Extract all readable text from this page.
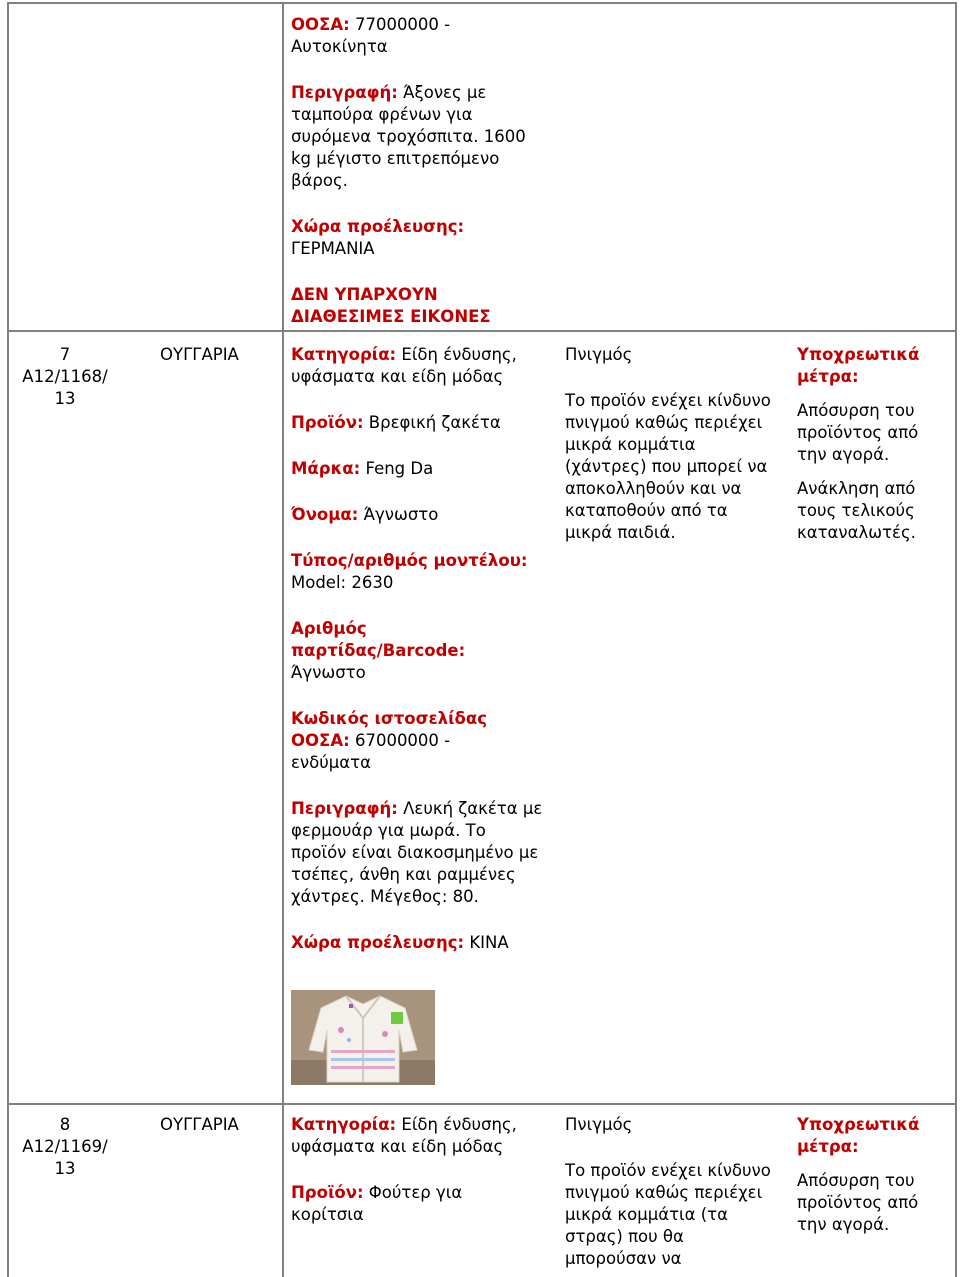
ΟΟΣΑ: 77000000 - Αυτοκίνητα

Περιγραφή: Άξονες με ταμπούρα φρένων για συρόμενα τροχόσπιτα. 1600 kg μέγιστο επιτρεπόμενο βάρος.

Χώρα προέλευσης: ΓΕΡΜΑΝΙΑ

ΔΕΝ ΥΠΑΡΧΟΥΝ ΔΙΑΘΕΣΙΜΕΣ ΕΙΚΟΝΕΣ

7
A12/1168/
13
ΟΥΓΓΑΡΙΑ	Κατηγορία: Είδη ένδυσης, υφάσματα και είδη μόδας

Προϊόν: Βρεφική ζακέτα

Μάρκα: Feng Da

Όνομα: Άγνωστο

Τύπος/αριθμός μοντέλου: Model: 2630

Αριθμός παρτίδας/Barcode: Άγνωστο

Κωδικός ιστοσελίδας ΟΟΣΑ: 67000000 - ενδύματα

Περιγραφή: Λευκή ζακέτα με φερμουάρ για μωρά. Το προϊόν είναι διακοσμημένο με τσέπες, άνθη και ραμμένες χάντρες. Μέγεθος: 80.

Χώρα προέλευσης: ΚΙΝΑ

Πνιγμός

Το προϊόν ενέχει κίνδυνο πνιγμού καθώς περιέχει μικρά κομμάτια (χάντρες) που μπορεί να αποκολληθούν και να καταποθούν από τα μικρά παιδιά.

Υποχρεωτικά μέτρα:

Απόσυρση του προϊόντος από την αγορά.

Ανάκληση από τους τελικούς καταναλωτές.

8
A12/1169/
13
ΟΥΓΓΑΡΙΑ	Κατηγορία: Είδη ένδυσης, υφάσματα και είδη μόδας

Προϊόν: Φούτερ για κορίτσια

Πνιγμός

Το προϊόν ενέχει κίνδυνο πνιγμού καθώς περιέχει μικρά κομμάτια (τα στρας) που θα μπορούσαν να

Υποχρεωτικά μέτρα:

Απόσυρση του προϊόντος από την αγορά.
